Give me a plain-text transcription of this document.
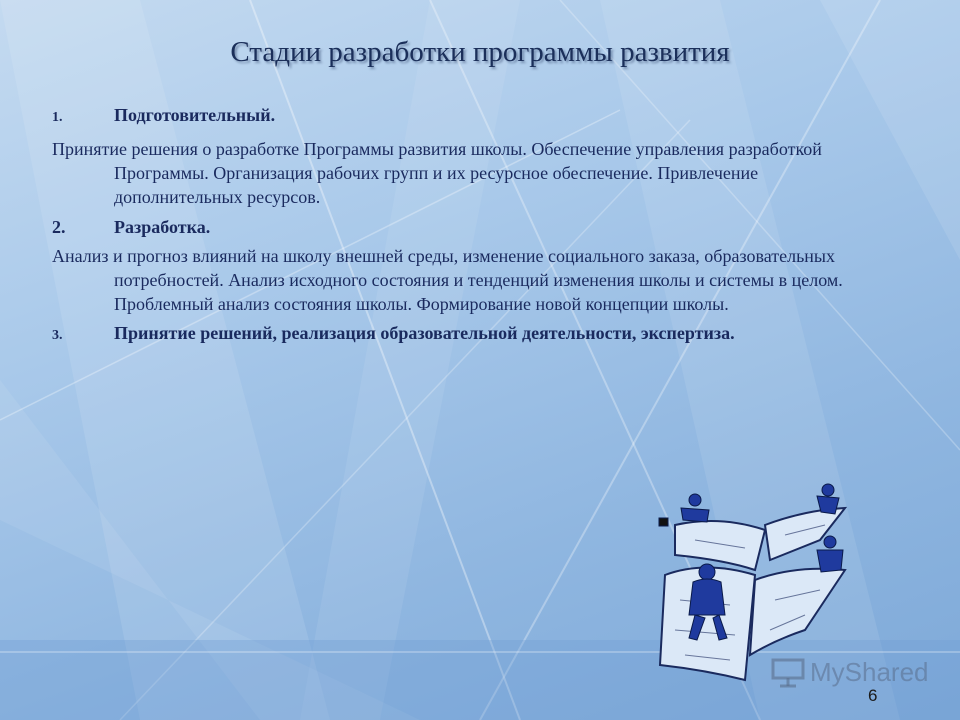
Стадии разработки программы развития
1.	Подготовительный.
Принятие решения о разработке Программы развития школы. Обеспечение управления разработкой Программы. Организация рабочих групп и их ресурсное обеспечение. Привлечение дополнительных ресурсов.
2.	Разработка.
Анализ и прогноз влияний на школу внешней среды, изменение социального заказа, образовательных потребностей. Анализ исходного состояния и тенденций изменения школы и системы в целом. Проблемный анализ состояния школы. Формирование новой концепции школы.
3.	Принятие решений, реализация образовательной деятельности, экспертиза.
MyShared
6
